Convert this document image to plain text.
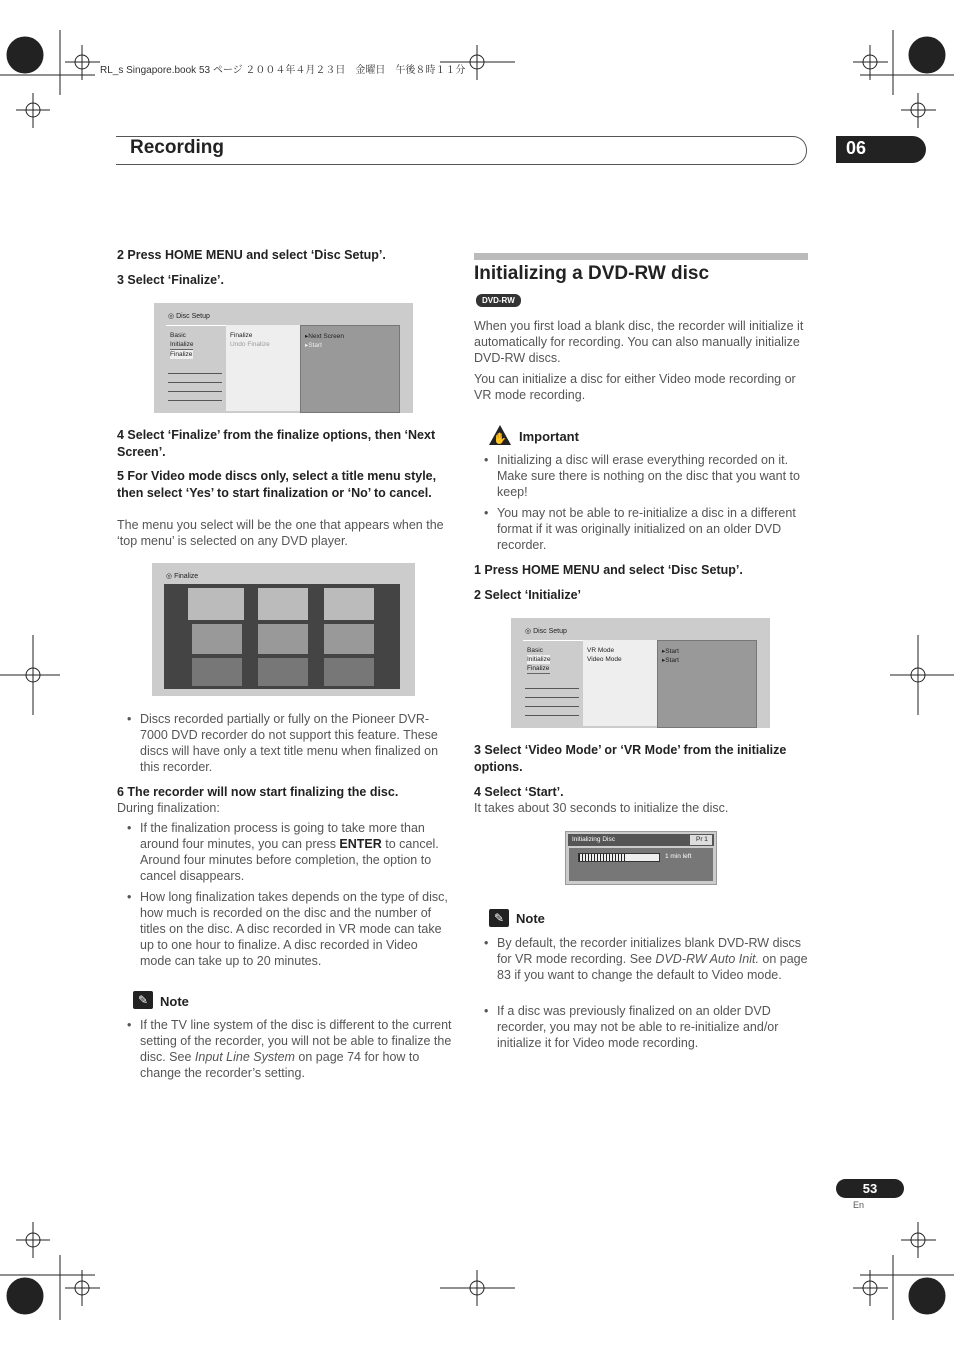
RL_s Singapore.book 53 ページ ２００４年４月２３日　金曜日　午後８時１１分
Recording	06
2 Press HOME MENU and select ‘Disc Setup’.
3 Select ‘Finalize’.
◎ Disc Setup
Basic
Initialize
Finalize
Finalize
Undo Finalize
▸Next Screen
▸Start
4 Select ‘Finalize’ from the finalize options, then ‘Next Screen’.
5 For Video mode discs only, select a title menu style, then select ‘Yes’ to start finalization or ‘No’ to cancel.
The menu you select will be the one that appears when the ‘top menu’ is selected on any DVD player.
◎ Finalize
• Discs recorded partially or fully on the Pioneer DVR-7000 DVD recorder do not support this feature. These discs will have only a text title menu when finalized on this recorder.
6 The recorder will now start finalizing the disc.
During finalization:
• If the finalization process is going to take more than around four minutes, you can press ENTER to cancel. Around four minutes before completion, the option to cancel disappears.
• How long finalization takes depends on the type of disc, how much is recorded on the disc and the number of titles on the disc. A disc recorded in VR mode can take up to one hour to finalize. A disc recorded in Video mode can take up to 20 minutes.
✎ Note
• If the TV line system of the disc is different to the current setting of the recorder, you will not be able to finalize the disc. See Input Line System on page 74 for how to change the recorder’s setting.
Initializing a DVD-RW disc
DVD-RW
When you first load a blank disc, the recorder will initialize it automatically for recording. You can also manually initialize DVD-RW discs.
You can initialize a disc for either Video mode recording or VR mode recording.
✋ Important
• Initializing a disc will erase everything recorded on it. Make sure there is nothing on the disc that you want to keep!
• You may not be able to re-initialize a disc in a different format if it was originally initialized on an older DVD recorder.
1 Press HOME MENU and select ‘Disc Setup’.
2 Select ‘Initialize’
◎ Disc Setup
Basic
Initialize
Finalize
VR Mode
Video Mode
▸Start
▸Start
3 Select ‘Video Mode’ or ‘VR Mode’ from the initialize options.
4 Select ‘Start’.
It takes about 30 seconds to initialize the disc.
Initializing Disc	Pr 1
1 min left
✎ Note
• By default, the recorder initializes blank DVD-RW discs for VR mode recording. See DVD-RW Auto Init. on page 83 if you want to change the default to Video mode.
• If a disc was previously finalized on an older DVD recorder, you may not be able to re-initialize and/or initialize it for Video mode recording.
53
En
